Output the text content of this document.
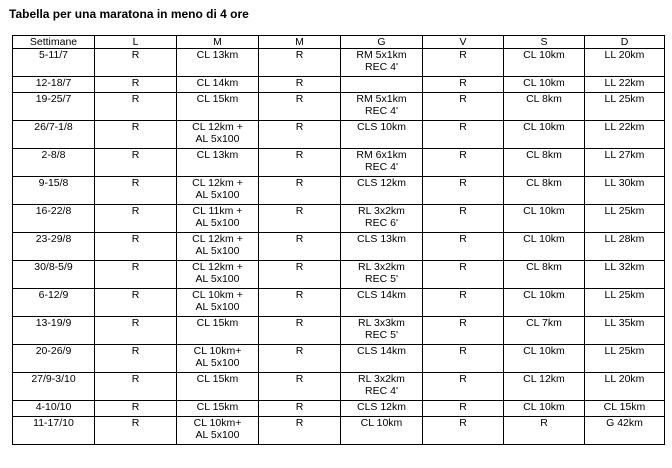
Tabella per una maratona in meno di 4 ore
Settimane	L	M	M	G	V	S	D

5-11/7	R	CL 13km	R	RM 5x1km
REC 4'	R	CL 10km	LL 20km

12-18/7	R	CL 14km	R		R	CL 10km	LL 22km

19-25/7	R	CL 15km	R	RM 5x1km
REC 4'	R	CL 8km	LL 25km

26/7-1/8	R	CL 12km +
AL 5x100	R	CLS 10km	R	CL 10km	LL 22km

2-8/8	R	CL 13km	R	RM 6x1km
REC 4'	R	CL 8km	LL 27km

9-15/8	R	CL 12km +
AL 5x100	R	CLS 12km	R	CL 8km	LL 30km

16-22/8	R	CL 11km +
AL 5x100	R	RL 3x2km
REC 6'	R	CL 10km	LL 25km

23-29/8	R	CL 12km +
AL 5x100	R	CLS 13km	R	CL 10km	LL 28km

30/8-5/9	R	CL 12km +
AL 5x100	R	RL 3x2km
REC 5'	R	CL 8km	LL 32km

6-12/9	R	CL 10km +
AL 5x100	R	CLS 14km	R	CL 10km	LL 25km

13-19/9	R	CL 15km	R	RL 3x3km
REC 5'	R	CL 7km	LL 35km

20-26/9	R	CL 10km+
AL 5x100	R	CLS 14km	R	CL 10km	LL 25km

27/9-3/10	R	CL 15km	R	RL 3x2km
REC 4'	R	CL 12km	LL 20km

4-10/10	R	CL 15km	R	CLS 12km	R	CL 10km	CL 15km

11-17/10	R	CL 10km+
AL 5x100	R	CL 10km	R	R	G 42km
